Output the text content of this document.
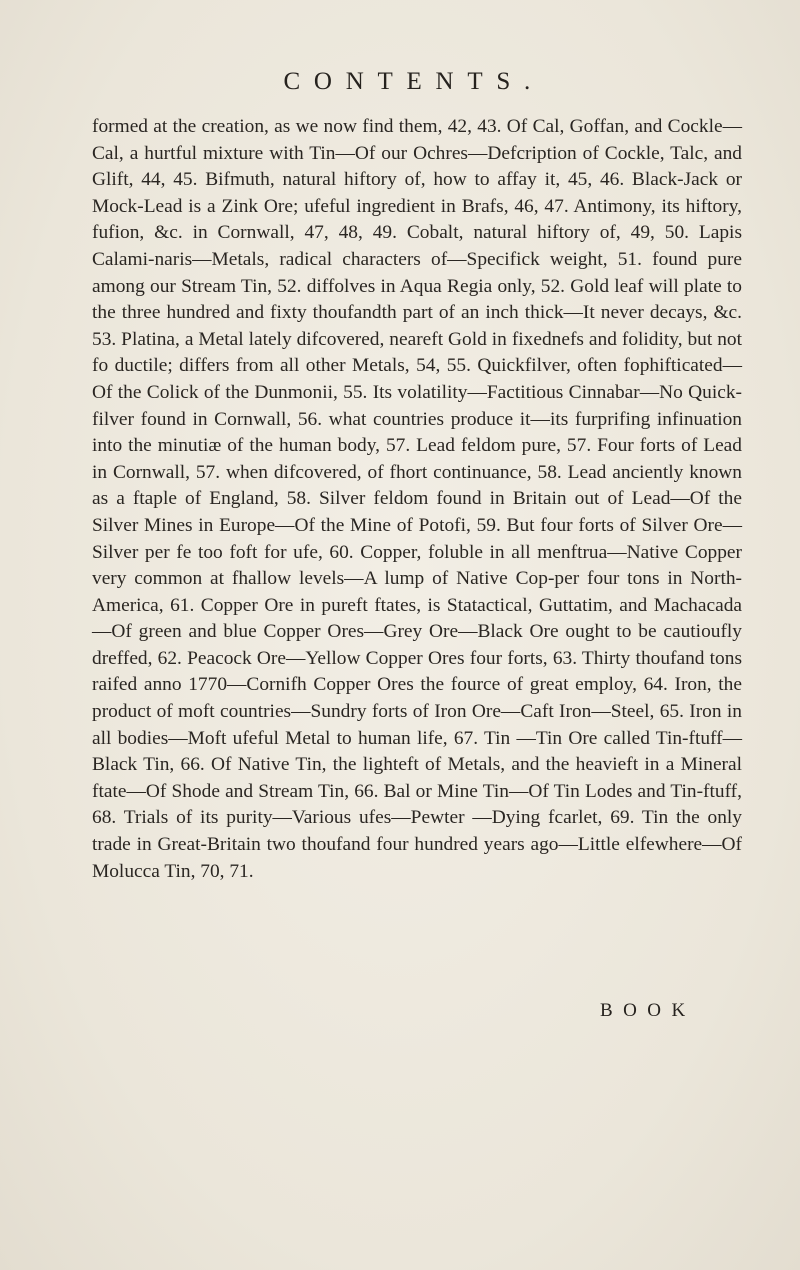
CONTENTS.

formed at the creation, as we now find them, 42, 43. Of Cal, Goffan, and Cockle—Cal, a hurtful mixture with Tin—Of our Ochres—Defcription of Cockle, Talc, and Glift, 44, 45. Bifmuth, natural hiftory of, how to affay it, 45, 46. Black-Jack or Mock-Lead is a Zink Ore; ufeful ingredient in Brafs, 46, 47. Antimony, its hiftory, fufion, &c. in Cornwall, 47, 48, 49. Cobalt, natural hiftory of, 49, 50. Lapis Calami-naris—Metals, radical characters of—Specifick weight, 51. found pure among our Stream Tin, 52. diffolves in Aqua Regia only, 52. Gold leaf will plate to the three hundred and fixty thoufandth part of an inch thick—It never decays, &c. 53. Platina, a Metal lately difcovered, neareft Gold in fixednefs and folidity, but not fo ductile; differs from all other Metals, 54, 55. Quickfilver, often fophifticated—Of the Colick of the Dunmonii, 55. Its volatility—Factitious Cinnabar—No Quick-filver found in Cornwall, 56. what countries produce it—its furprifing infinuation into the minutiæ of the human body, 57. Lead feldom pure, 57. Four forts of Lead in Cornwall, 57. when difcovered, of fhort continuance, 58. Lead anciently known as a ftaple of England, 58. Silver feldom found in Britain out of Lead—Of the Silver Mines in Europe—Of the Mine of Potofi, 59. But four forts of Silver Ore—Silver per fe too foft for ufe, 60. Copper, foluble in all menftrua—Native Copper very common at fhallow levels—A lump of Native Cop-per four tons in North-America, 61. Copper Ore in pureft ftates, is Statactical, Guttatim, and Machacada—Of green and blue Copper Ores—Grey Ore—Black Ore ought to be cautioufly dreffed, 62. Peacock Ore—Yellow Copper Ores four forts, 63. Thirty thoufand tons raifed anno 1770—Cornifh Copper Ores the fource of great employ, 64. Iron, the product of moft countries—Sundry forts of Iron Ore—Caft Iron—Steel, 65. Iron in all bodies—Moft ufeful Metal to human life, 67. Tin —Tin Ore called Tin-ftuff—Black Tin, 66. Of Native Tin, the lighteft of Metals, and the heavieft in a Mineral ftate—Of Shode and Stream Tin, 66. Bal or Mine Tin—Of Tin Lodes and Tin-ftuff, 68. Trials of its purity—Various ufes—Pewter —Dying fcarlet, 69. Tin the only trade in Great-Britain two thoufand four hundred years ago—Little elfewhere—Of Molucca Tin, 70, 71.

BOOK
